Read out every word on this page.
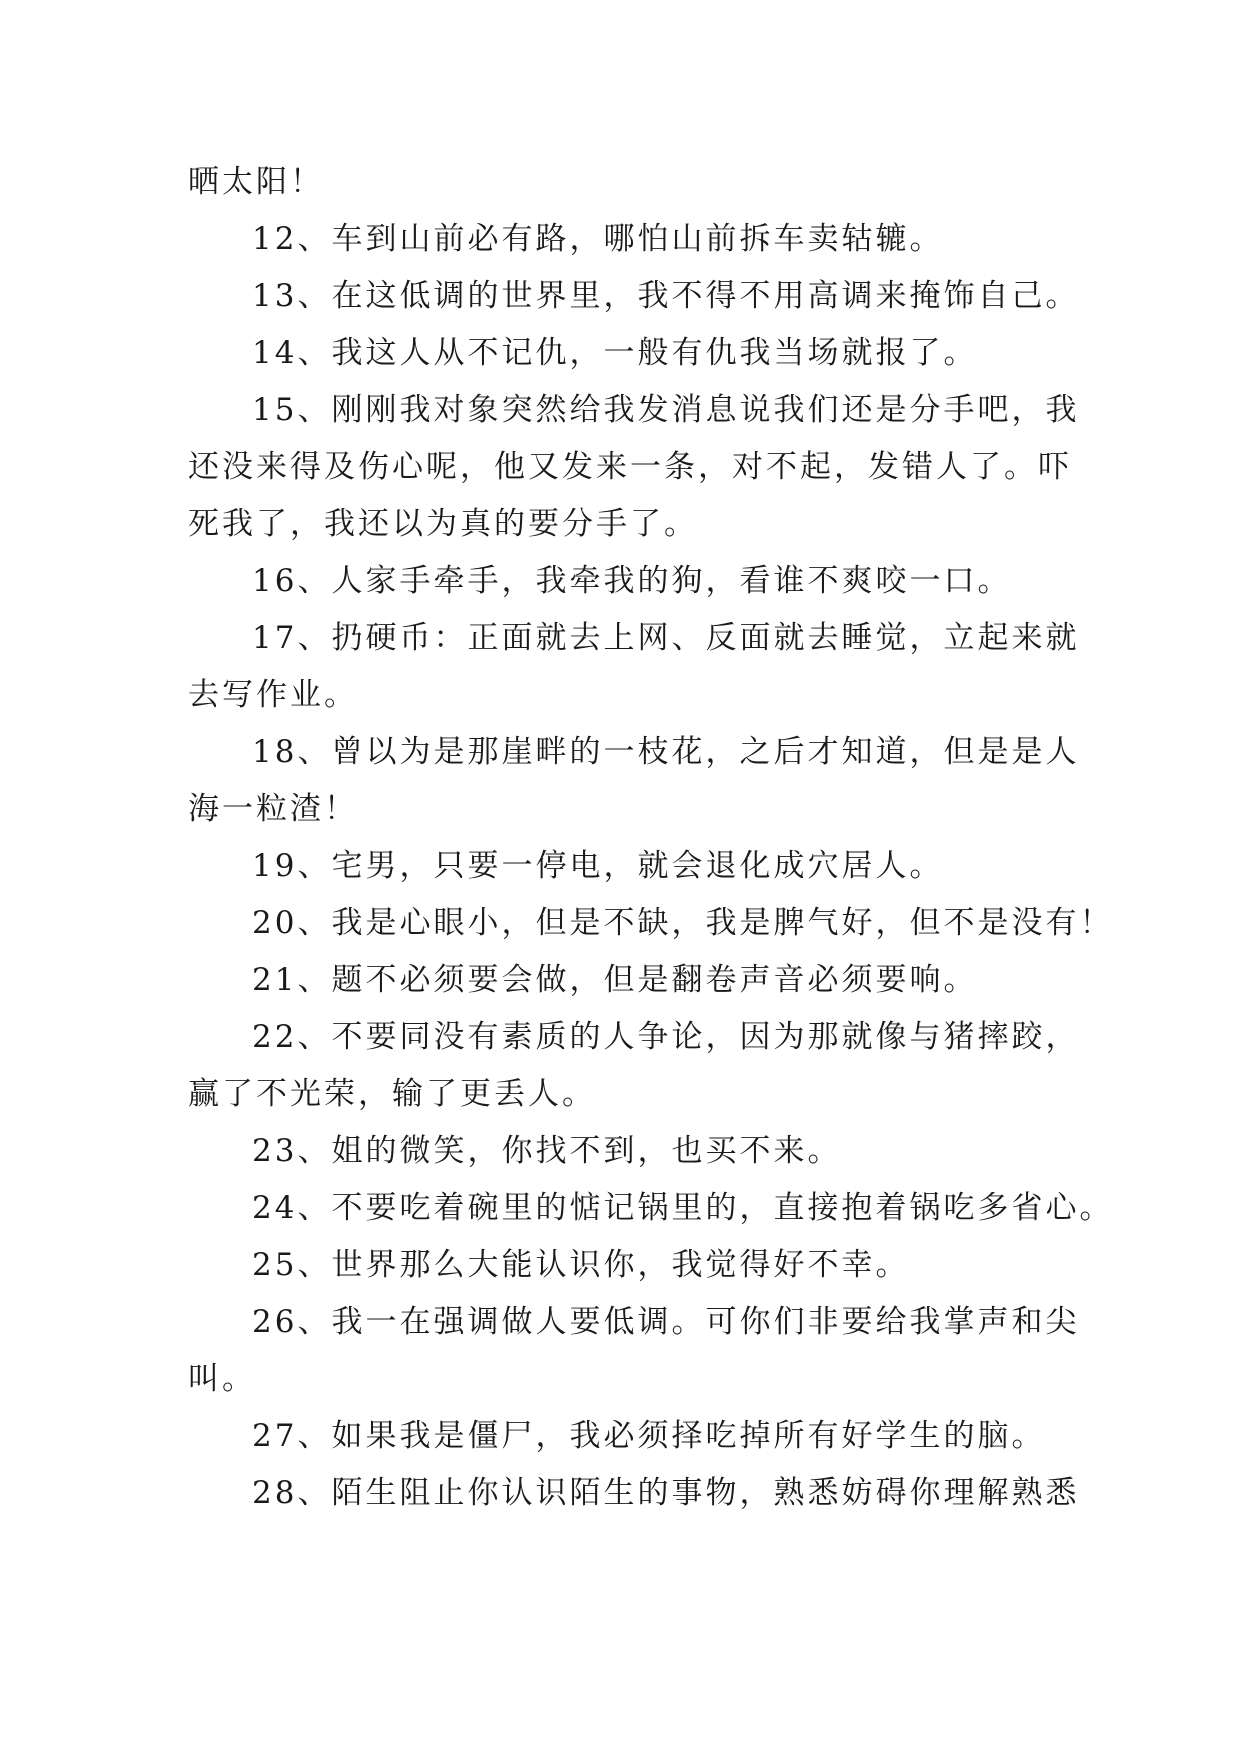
晒太阳！
12、车到山前必有路，哪怕山前拆车卖轱辘。
13、在这低调的世界里，我不得不用高调来掩饰自己。
14、我这人从不记仇，一般有仇我当场就报了。
15、刚刚我对象突然给我发消息说我们还是分手吧，我
还没来得及伤心呢，他又发来一条，对不起，发错人了。吓
死我了，我还以为真的要分手了。
16、人家手牵手，我牵我的狗，看谁不爽咬一口。
17、扔硬币：正面就去上网、反面就去睡觉，立起来就
去写作业。
18、曾以为是那崖畔的一枝花，之后才知道，但是是人
海一粒渣！
19、宅男，只要一停电，就会退化成穴居人。
20、我是心眼小，但是不缺，我是脾气好，但不是没有！
21、题不必须要会做，但是翻卷声音必须要响。
22、不要同没有素质的人争论，因为那就像与猪摔跤，
赢了不光荣，输了更丢人。
23、姐的微笑，你找不到，也买不来。
24、不要吃着碗里的惦记锅里的，直接抱着锅吃多省心。
25、世界那么大能认识你，我觉得好不幸。
26、我一在强调做人要低调。可你们非要给我掌声和尖
叫。
27、如果我是僵尸，我必须择吃掉所有好学生的脑。
28、陌生阻止你认识陌生的事物，熟悉妨碍你理解熟悉
